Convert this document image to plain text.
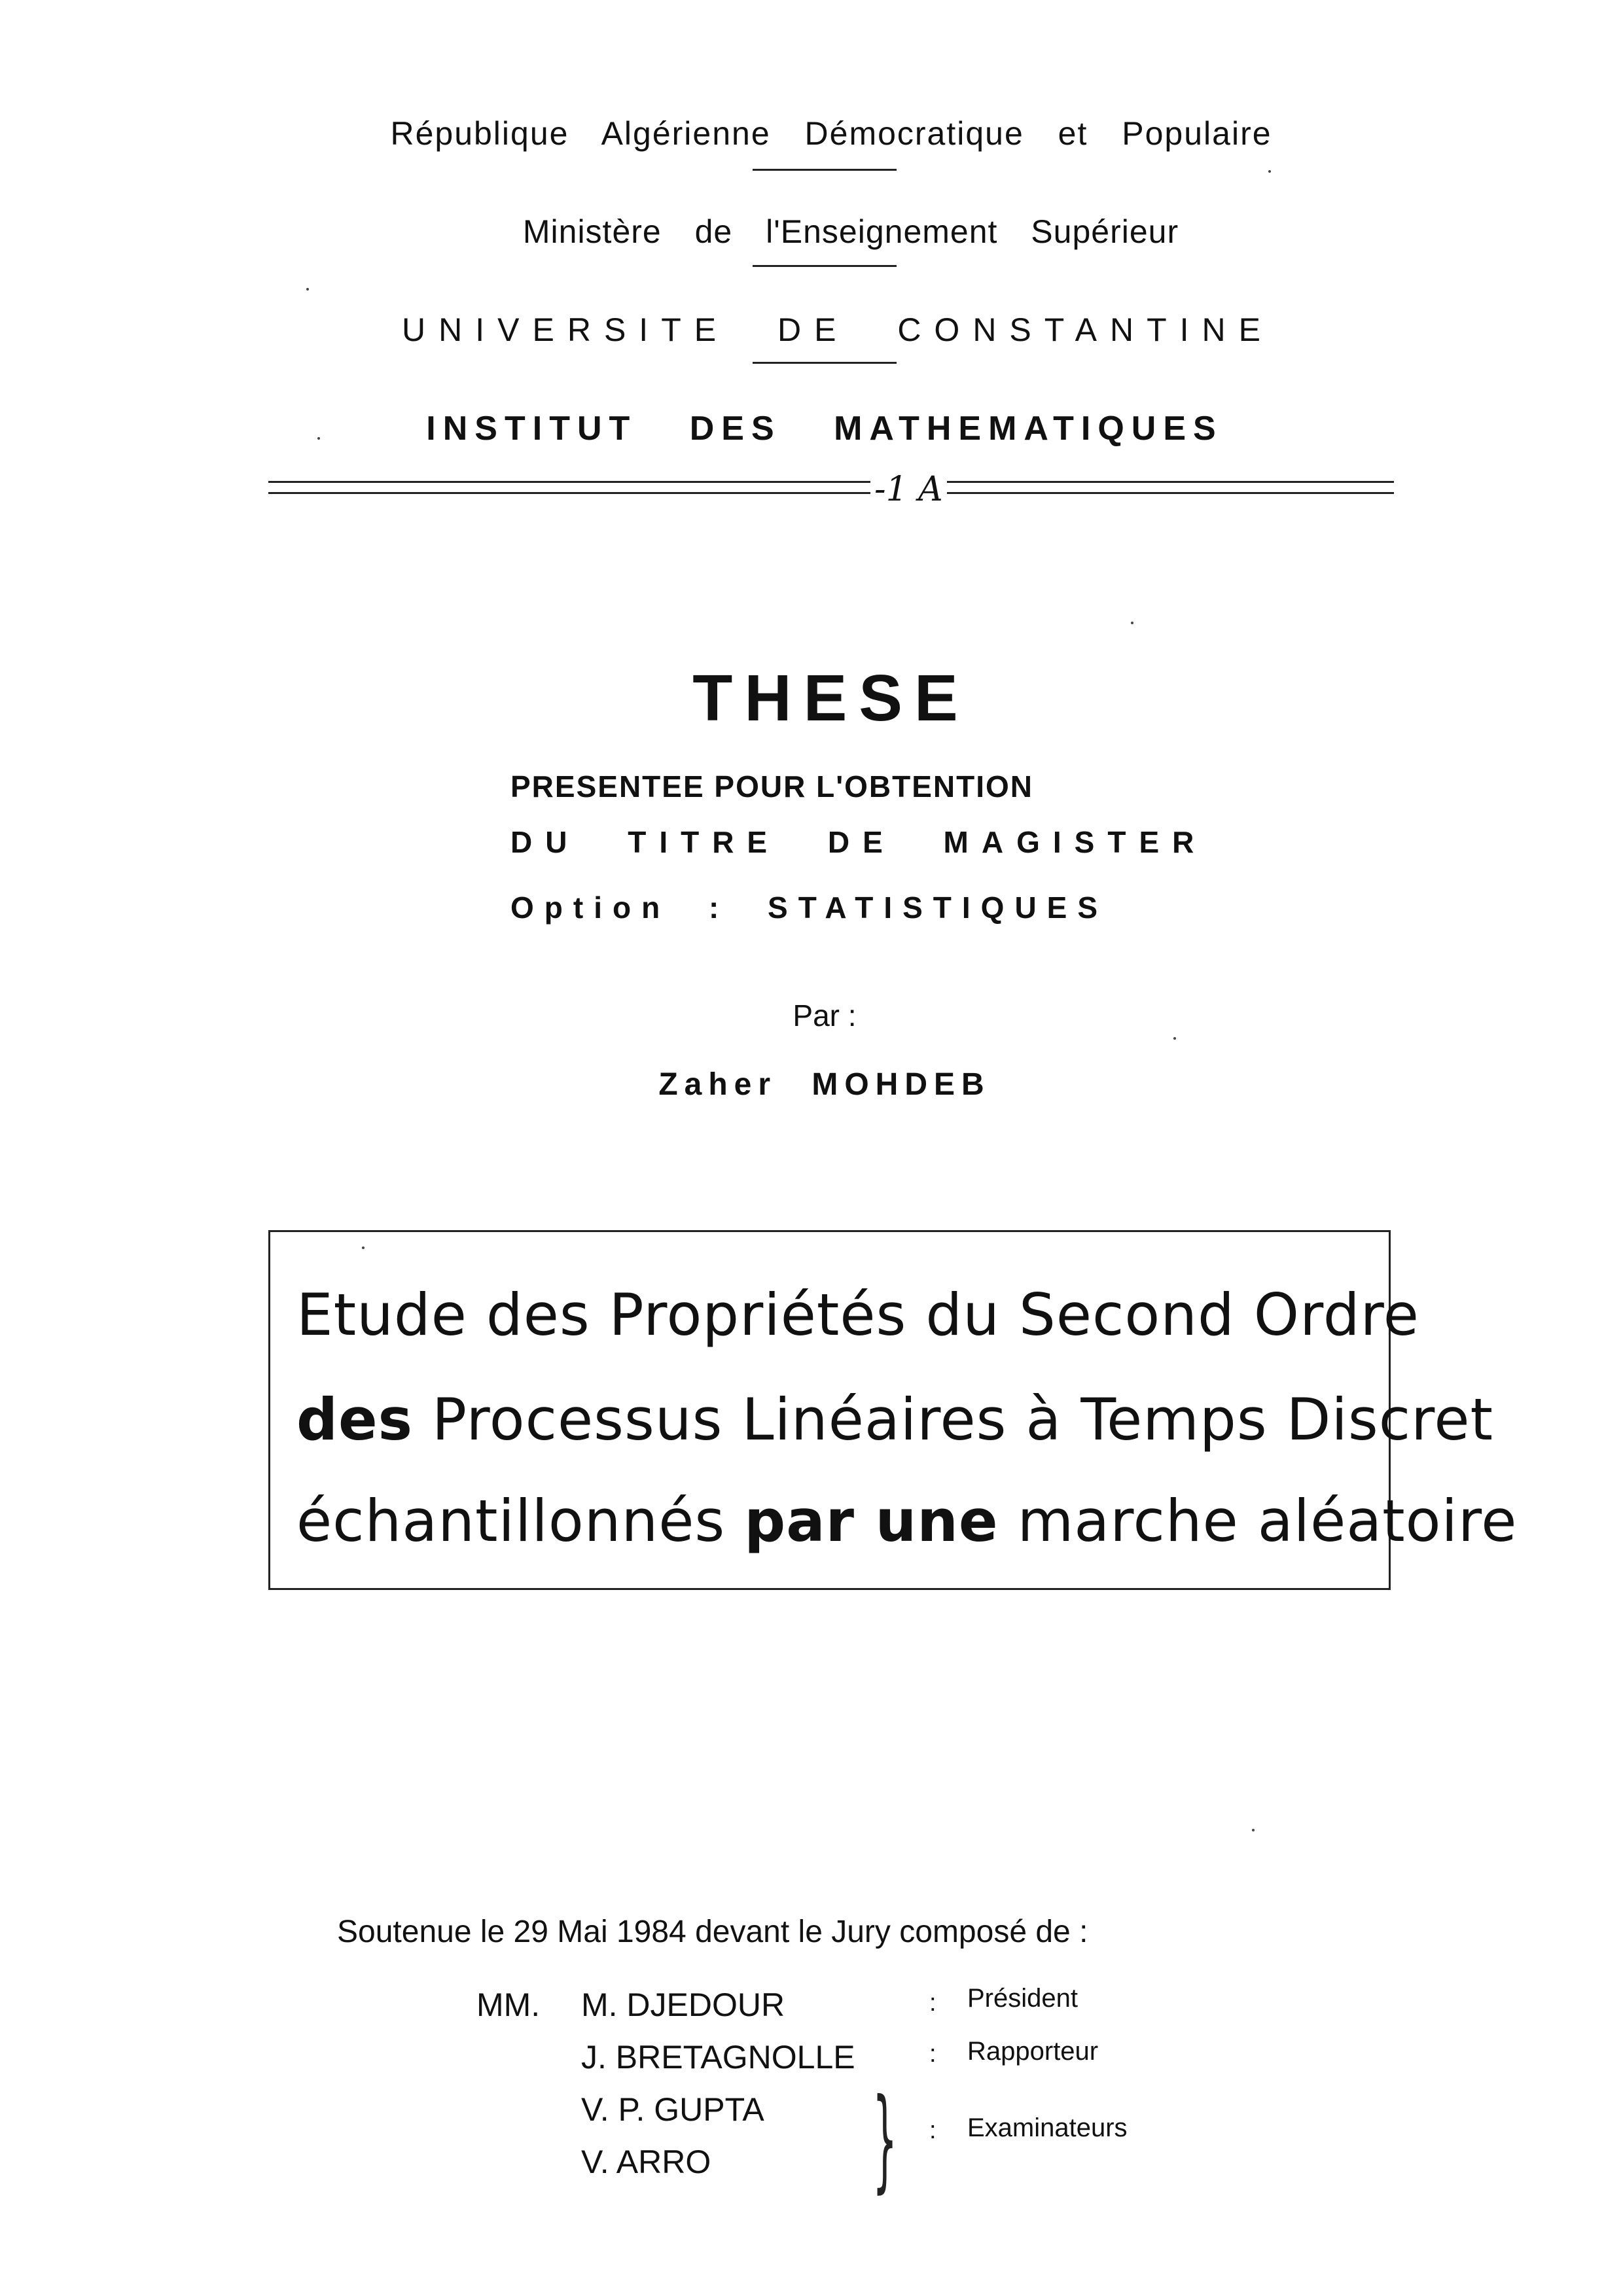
République Algérienne Démocratique et Populaire
Ministère de l'Enseignement Supérieur
UNIVERSITE DE CONSTANTINE
INSTITUT DES MATHEMATIQUES
-1 A
THESE
PRESENTEE POUR L'OBTENTION
DU TITRE DE MAGISTER
Option : STATISTIQUES
Par :
Zaher MOHDEB
Etude des Propriétés du Second Ordre
des Processus Linéaires à Temps Discret
échantillonnés par une marche aléatoire
Soutenue le 29 Mai 1984 devant le Jury composé de :
MM. M. DJEDOUR
J. BRETAGNOLLE
V. P. GUPTA
V. ARRO
:
:
:
Président
Rapporteur
Examinateurs
}
